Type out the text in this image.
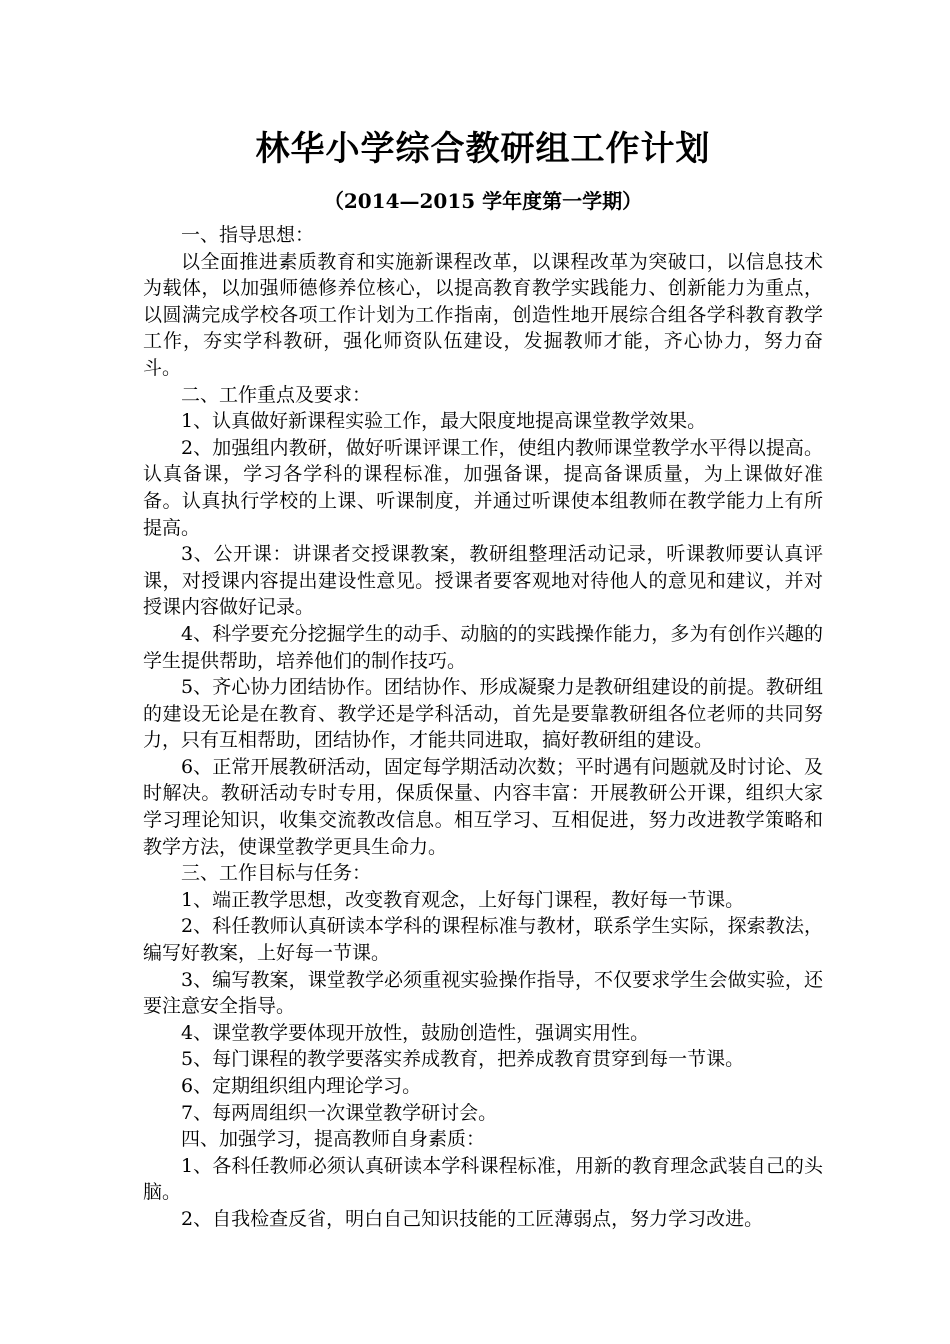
林华小学综合教研组工作计划
（2014—2015 学年度第一学期）

一、指导思想：

以全面推进素质教育和实施新课程改革，以课程改革为突破口，以信息技术为载体，以加强师德修养位核心，以提高教育教学实践能力、创新能力为重点，以圆满完成学校各项工作计划为工作指南，创造性地开展综合组各学科教育教学工作，夯实学科教研，强化师资队伍建设，发掘教师才能，齐心协力，努力奋斗。

二、工作重点及要求：

1、认真做好新课程实验工作，最大限度地提高课堂教学效果。

2、加强组内教研，做好听课评课工作，使组内教师课堂教学水平得以提高。认真备课，学习各学科的课程标准，加强备课，提高备课质量，为上课做好准备。认真执行学校的上课、听课制度，并通过听课使本组教师在教学能力上有所提高。

3、公开课：讲课者交授课教案，教研组整理活动记录，听课教师要认真评课，对授课内容提出建设性意见。授课者要客观地对待他人的意见和建议，并对授课内容做好记录。

4、科学要充分挖掘学生的动手、动脑的的实践操作能力，多为有创作兴趣的学生提供帮助，培养他们的制作技巧。

5、齐心协力团结协作。团结协作、形成凝聚力是教研组建设的前提。教研组的建设无论是在教育、教学还是学科活动，首先是要靠教研组各位老师的共同努力，只有互相帮助，团结协作，才能共同进取，搞好教研组的建设。

6、正常开展教研活动，固定每学期活动次数；平时遇有问题就及时讨论、及时解决。教研活动专时专用，保质保量、内容丰富：开展教研公开课，组织大家学习理论知识，收集交流教改信息。相互学习、互相促进，努力改进教学策略和教学方法，使课堂教学更具生命力。

三、工作目标与任务：

1、端正教学思想，改变教育观念，上好每门课程，教好每一节课。

2、科任教师认真研读本学科的课程标准与教材，联系学生实际，探索教法，编写好教案，上好每一节课。

3、编写教案，课堂教学必须重视实验操作指导，不仅要求学生会做实验，还要注意安全指导。

4、课堂教学要体现开放性，鼓励创造性，强调实用性。

5、每门课程的教学要落实养成教育，把养成教育贯穿到每一节课。

6、定期组织组内理论学习。

7、每两周组织一次课堂教学研讨会。

四、加强学习，提高教师自身素质：

1、各科任教师必须认真研读本学科课程标准，用新的教育理念武装自己的头脑。

2、自我检查反省，明白自己知识技能的工匠薄弱点，努力学习改进。
